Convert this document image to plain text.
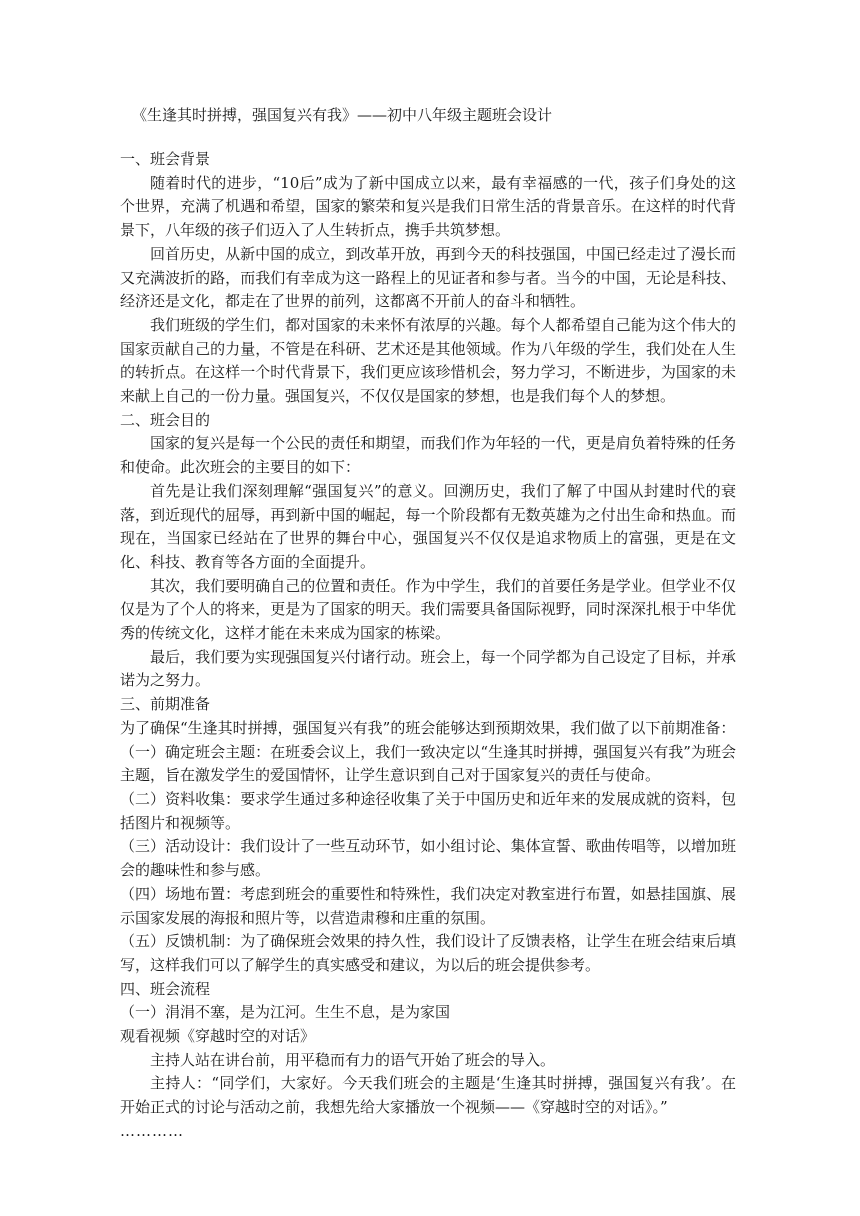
《生逢其时拼搏，强国复兴有我》——初中八年级主题班会设计

一、班会背景

随着时代的进步，“10后”成为了新中国成立以来，最有幸福感的一代，孩子们身处的这个世界，充满了机遇和希望，国家的繁荣和复兴是我们日常生活的背景音乐。在这样的时代背景下，八年级的孩子们迈入了人生转折点，携手共筑梦想。

回首历史，从新中国的成立，到改革开放，再到今天的科技强国，中国已经走过了漫长而又充满波折的路，而我们有幸成为这一路程上的见证者和参与者。当今的中国，无论是科技、经济还是文化，都走在了世界的前列，这都离不开前人的奋斗和牺牲。

我们班级的学生们，都对国家的未来怀有浓厚的兴趣。每个人都希望自己能为这个伟大的国家贡献自己的力量，不管是在科研、艺术还是其他领域。作为八年级的学生，我们处在人生的转折点。在这样一个时代背景下，我们更应该珍惜机会，努力学习，不断进步，为国家的未来献上自己的一份力量。强国复兴，不仅仅是国家的梦想，也是我们每个人的梦想。

二、班会目的

国家的复兴是每一个公民的责任和期望，而我们作为年轻的一代，更是肩负着特殊的任务和使命。此次班会的主要目的如下：

首先是让我们深刻理解“强国复兴”的意义。回溯历史，我们了解了中国从封建时代的衰落，到近现代的屈辱，再到新中国的崛起，每一个阶段都有无数英雄为之付出生命和热血。而现在，当国家已经站在了世界的舞台中心，强国复兴不仅仅是追求物质上的富强，更是在文化、科技、教育等各方面的全面提升。

其次，我们要明确自己的位置和责任。作为中学生，我们的首要任务是学业。但学业不仅仅是为了个人的将来，更是为了国家的明天。我们需要具备国际视野，同时深深扎根于中华优秀的传统文化，这样才能在未来成为国家的栋梁。

最后，我们要为实现强国复兴付诸行动。班会上，每一个同学都为自己设定了目标，并承诺为之努力。

三、前期准备

为了确保“生逢其时拼搏，强国复兴有我”的班会能够达到预期效果，我们做了以下前期准备：

（一）确定班会主题：在班委会议上，我们一致决定以“生逢其时拼搏，强国复兴有我”为班会主题，旨在激发学生的爱国情怀，让学生意识到自己对于国家复兴的责任与使命。

（二）资料收集：要求学生通过多种途径收集了关于中国历史和近年来的发展成就的资料，包括图片和视频等。

（三）活动设计：我们设计了一些互动环节，如小组讨论、集体宣誓、歌曲传唱等，以增加班会的趣味性和参与感。

（四）场地布置：考虑到班会的重要性和特殊性，我们决定对教室进行布置，如悬挂国旗、展示国家发展的海报和照片等，以营造肃穆和庄重的氛围。

（五）反馈机制：为了确保班会效果的持久性，我们设计了反馈表格，让学生在班会结束后填写，这样我们可以了解学生的真实感受和建议，为以后的班会提供参考。

四、班会流程

（一）涓涓不塞，是为江河。生生不息，是为家国

观看视频《穿越时空的对话》

主持人站在讲台前，用平稳而有力的语气开始了班会的导入。

主持人：“同学们，大家好。今天我们班会的主题是‘生逢其时拼搏，强国复兴有我’。在开始正式的讨论与活动之前，我想先给大家播放一个视频——《穿越时空的对话》。”

…………
